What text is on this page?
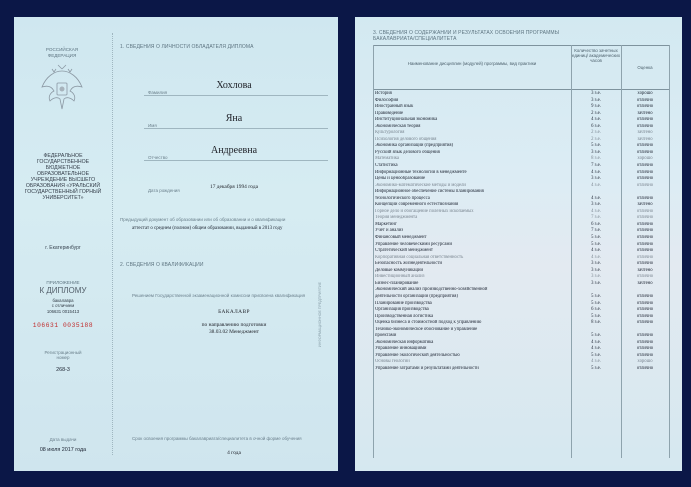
РОССИЙСКАЯ
ФЕДЕРАЦИЯ
ФЕДЕРАЛЬНОЕ ГОСУДАРСТВЕННОЕ БЮДЖЕТНОЕ ОБРАЗОВАТЕЛЬНОЕ УЧРЕЖДЕНИЕ ВЫСШЕГО ОБРАЗОВАНИЯ «УРАЛЬСКИЙ ГОСУДАРСТВЕННЫЙ ГОРНЫЙ УНИВЕРСИТЕТ»
г. Екатеринбург
ПРИЛОЖЕНИЕ
К ДИПЛОМУ
бакалавра
с отличием
106631 0015413
106631 0035188
Регистрационный
номер
268-3
Дата выдачи
08 июля 2017 года
1. СВЕДЕНИЯ О ЛИЧНОСТИ ОБЛАДАТЕЛЯ ДИПЛОМА
Фамилия
Хохлова
Имя
Яна
Отчество
Андреевна
Дата рождения
17 декабря 1994 года
Предыдущий документ об образовании или об образовании и о квалификации
аттестат о среднем (полном) общем образовании, выданный в 2013 году
2. СВЕДЕНИЯ О КВАЛИФИКАЦИИ
Решением Государственной экзаменационной комиссии присвоена квалификация
БАКАЛАВР
по направлению подготовки
38.03.02 Менеджмент
Срок освоения программы бакалавриата/специалитета в очной форме обучения
4 года
ИНФОРМАЦИОННОЕ ПРЕДПРИЯТИЕ
3. СВЕДЕНИЯ О СОДЕРЖАНИИ И РЕЗУЛЬТАТАХ ОСВОЕНИЯ ПРОГРАММЫ БАКАЛАВРИАТА/СПЕЦИАЛИТЕТА
Наименование дисциплин (модулей) программы, вид практики
Количество зачетных единиц/ академических часов
Оценка
История	3 з.е.	хорошо
Философия	3 з.е.	отлично
Иностранный язык	9 з.е.	отлично
Правоведение	2 з.е.	зачтено
Институциональная экономика	4 з.е.	отлично
Экономическая теория	6 з.е.	отлично
Культурология	2 з.е.	зачтено
Психология делового общения	2 з.е.	зачтено
Экономика организации (предприятия)	5 з.е.	отлично
Русский язык делового общения	3 з.е.	отлично
Математика	8 з.е.	хорошо
Статистика	7 з.е.	отлично
Информационные технологии в менеджменте	4 з.е.	отлично
Цены и ценообразование	3 з.е.	отлично
Экономико-математические методы и модели	4 з.е.	отлично
Информационное обеспечение системы планирования
технологического процесса	4 з.е.	отлично
Концепции современного естествознания	3 з.е.	зачтено
Горное дело и обогащение полезных ископаемых	4 з.е.	отлично
Теория менеджмента	7 з.е.	отлично
Маркетинг	6 з.е.	отлично
Учет и анализ	7 з.е.	отлично
Финансовый менеджмент	5 з.е.	отлично
Управление человеческими ресурсами	5 з.е.	отлично
Стратегический менеджмент	4 з.е.	отлично
Корпоративная социальная ответственность	4 з.е.	отлично
Безопасность жизнедеятельности	3 з.е.	отлично
Деловые коммуникации	3 з.е.	зачтено
Инвестиционный анализ	3 з.е.	отлично
Бизнес-планирование	3 з.е.	зачтено
Экономический анализ производственно-хозяйственной
деятельности организации (предприятия)	5 з.е.	отлично
Планирование производства	5 з.е.	отлично
Организация производства	6 з.е.	отлично
Производственная логистика	5 з.е.	отлично
Оценка бизнеса и стоимостной подход к управлению	8 з.е.	отлично
Технико-экономическое обоснование и управление
проектами	5 з.е.	отлично
Экономическая информатика	4 з.е.	отлично
Управление инновациями	4 з.е.	отлично
Управление экологической деятельностью	5 з.е.	отлично
Основы геологии	4 з.е.	хорошо
Управление затратами и результатами деятельности	5 з.е.	отлично
